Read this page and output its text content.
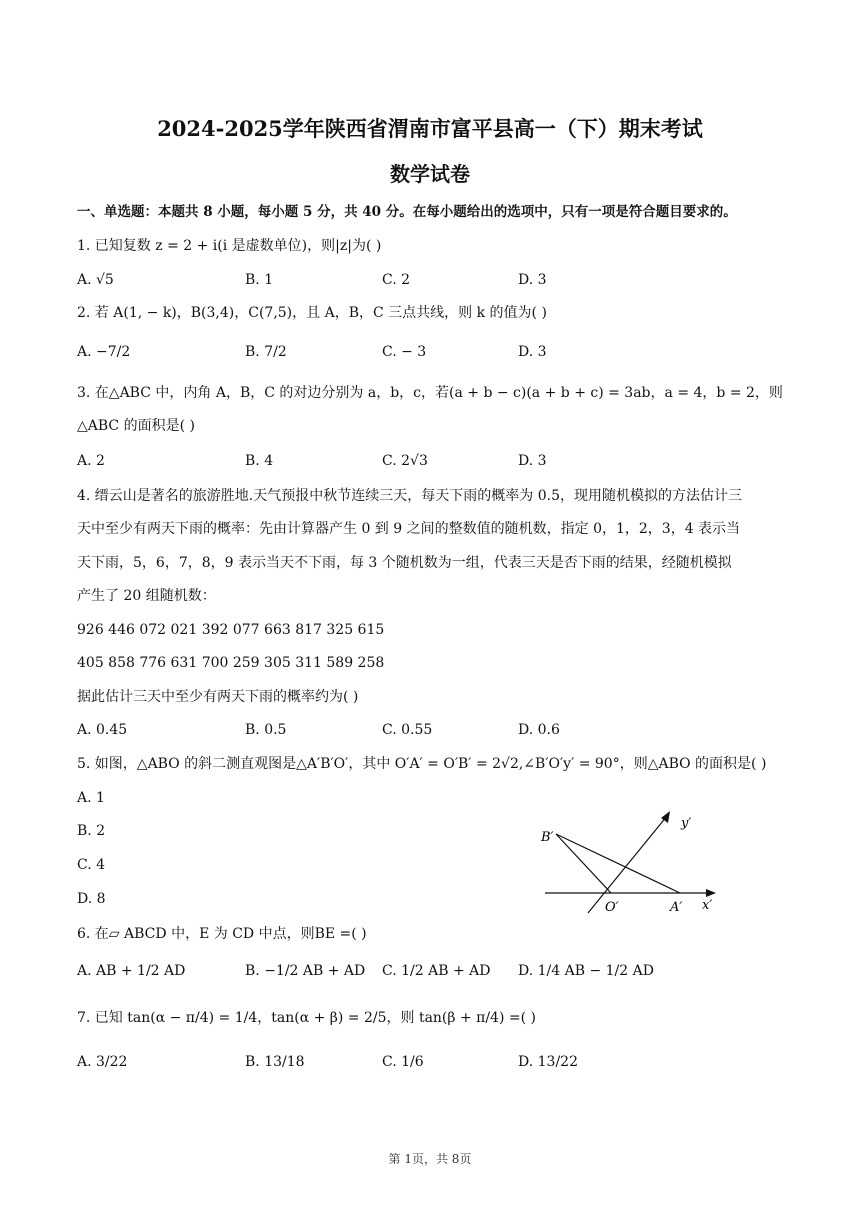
2024-2025学年陕西省渭南市富平县高一（下）期末考试
数学试卷
一、单选题：本题共 8 小题，每小题 5 分，共 40 分。在每小题给出的选项中，只有一项是符合题目要求的。
1. 已知复数 z = 2 + i(i 是虚数单位)，则|z|为( )
A. √5	B. 1	C. 2	D. 3
2. 若 A(1, − k)，B(3,4)，C(7,5)，且 A，B，C 三点共线，则 k 的值为( )
A. −7/2	B. 7/2	C. − 3	D. 3
3. 在△ABC 中，内角 A，B，C 的对边分别为 a，b，c，若(a + b − c)(a + b + c) = 3ab，a = 4，b = 2，则
△ABC 的面积是( )
A. 2	B. 4	C. 2√3	D. 3
4. 缙云山是著名的旅游胜地.天气预报中秋节连续三天，每天下雨的概率为 0.5，现用随机模拟的方法估计三
天中至少有两天下雨的概率：先由计算器产生 0 到 9 之间的整数值的随机数，指定 0，1，2，3，4 表示当
天下雨，5，6，7，8，9 表示当天不下雨，每 3 个随机数为一组，代表三天是否下雨的结果，经随机模拟
产生了 20 组随机数：
926 446 072 021 392 077 663 817 325 615
405 858 776 631 700 259 305 311 589 258
据此估计三天中至少有两天下雨的概率约为( )
A. 0.45	B. 0.5	C. 0.55	D. 0.6
5. 如图，△ABO 的斜二测直观图是△A′B′O′，其中 O′A′ = O′B′ = 2√2,∠B′O′y′ = 90°，则△ABO 的面积是( )
A. 1
B. 2
C. 4
D. 8
B′
y′
O′	A′ x′
6. 在▱ ABCD 中，E 为 CD 中点，则BE =( )
A. AB + 1/2 AD	B. −1/2 AB + AD C. 1/2 AB + AD D. 1/4 AB − 1/2 AD
7. 已知 tan(α − π/4) = 1/4，tan(α + β) = 2/5，则 tan(β + π/4) =( )
A. 3/22	B. 13/18	C. 1/6	D. 13/22
第 1页，共 8页
